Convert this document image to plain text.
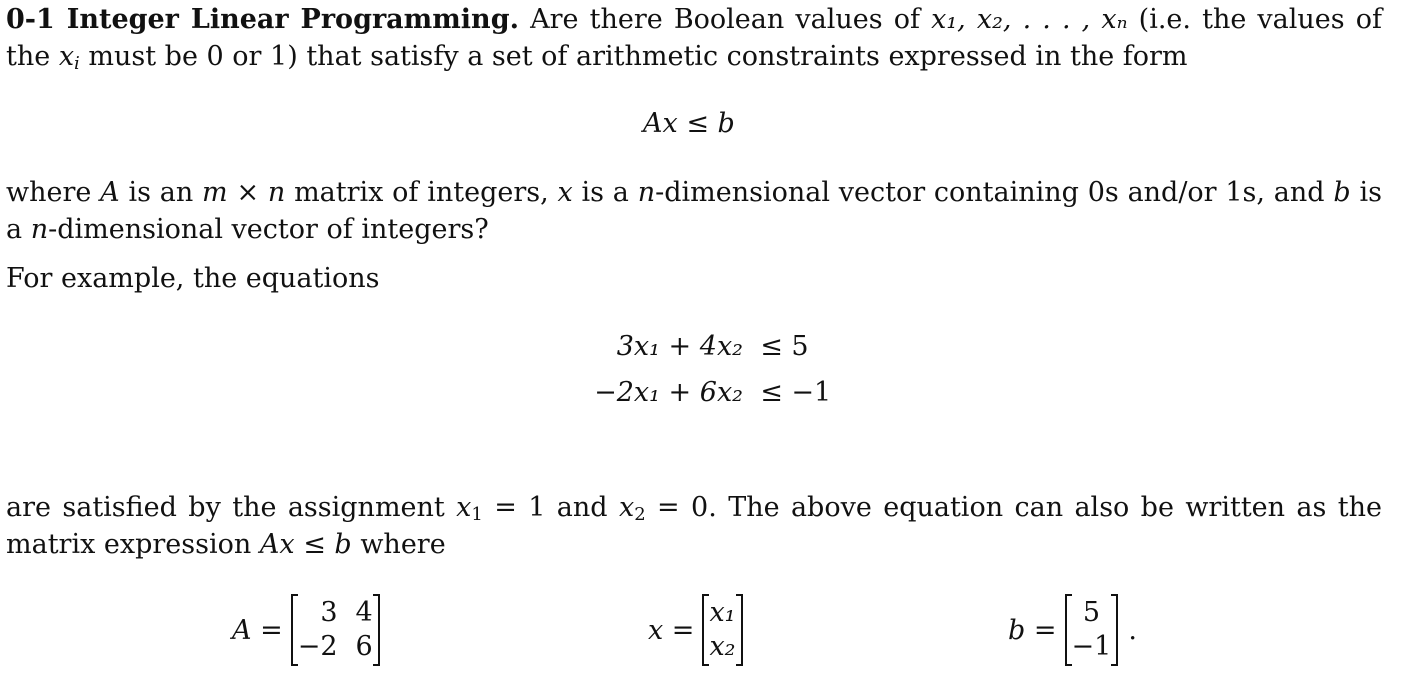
0-1 Integer Linear Programming. Are there Boolean values of x₁, x₂, . . . , xₙ (i.e. the values of
the $x_i$ must be 0 or 1) that satisfy a set of arithmetic constraints expressed in the form
Ax ≤ b
where A is an m × n matrix of integers, x is a n-dimensional vector containing 0s and/or 1s, and b is
a n-dimensional vector of integers?
For example, the equations
3x₁ + 4x₂ ≤ 5
−2x₁ + 6x₂ ≤ −1
are satisfied by the assignment $x_1 = 1$ and $x_2 = 0$. The above equation can also be written as the
matrix expression Ax ≤ b where
A =
3 4
−2 6
x =
x₁
x₂
b =
5
−1
.
